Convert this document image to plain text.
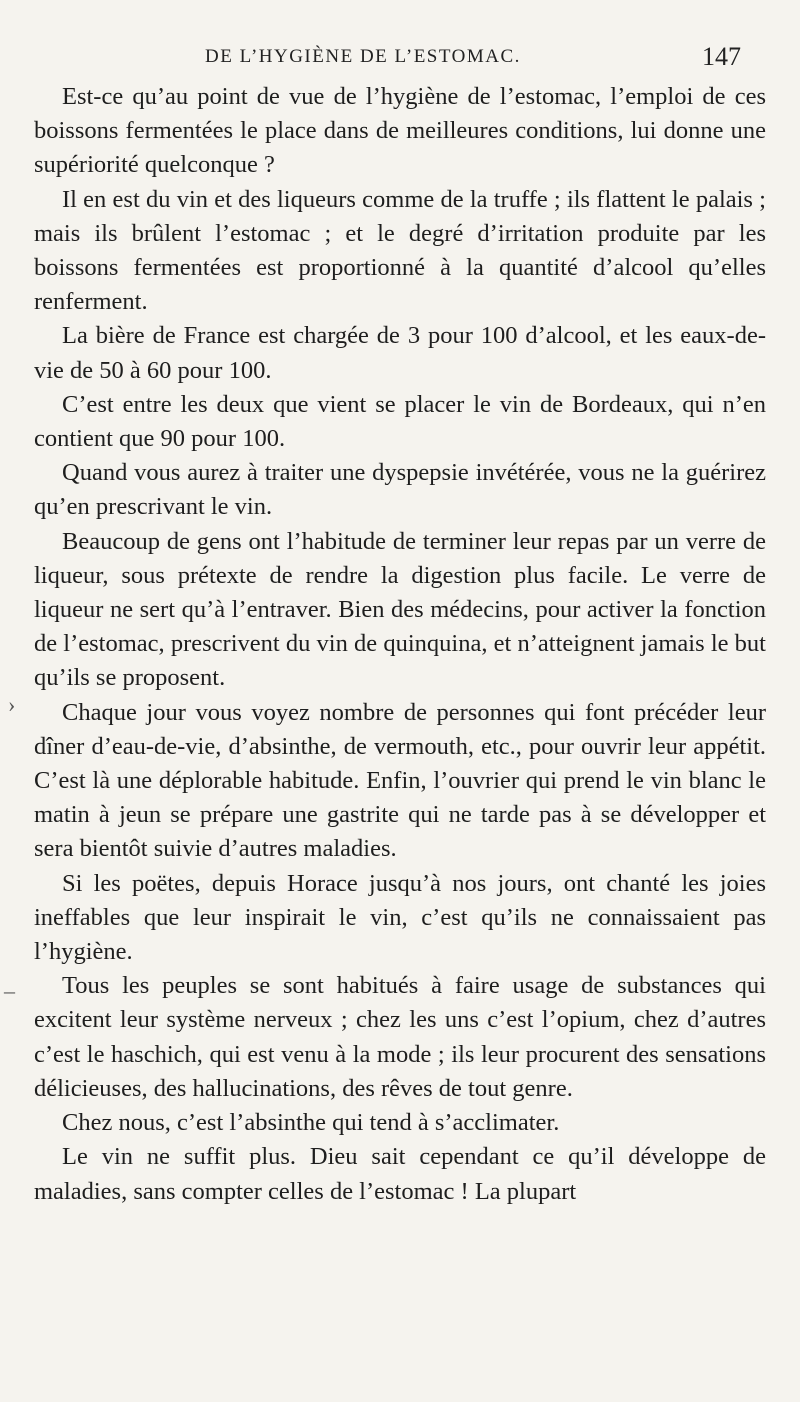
DE L’HYGIÈNE DE L’ESTOMAC.	147

Est-ce qu’au point de vue de l’hygiène de l’estomac, l’emploi de ces boissons fermentées le place dans de meilleures conditions, lui donne une supériorité quelconque ?

Il en est du vin et des liqueurs comme de la truffe ; ils flattent le palais ; mais ils brûlent l’estomac ; et le degré d’irritation produite par les boissons fermentées est proportionné à la quantité d’alcool qu’elles renferment.

La bière de France est chargée de 3 pour 100 d’alcool, et les eaux-de-vie de 50 à 60 pour 100.

C’est entre les deux que vient se placer le vin de Bordeaux, qui n’en contient que 90 pour 100.

Quand vous aurez à traiter une dyspepsie invétérée, vous ne la guérirez qu’en prescrivant le vin.

Beaucoup de gens ont l’habitude de terminer leur repas par un verre de liqueur, sous prétexte de rendre la digestion plus facile. Le verre de liqueur ne sert qu’à l’entraver. Bien des médecins, pour activer la fonction de l’estomac, prescrivent du vin de quinquina, et n’atteignent jamais le but qu’ils se proposent.

Chaque jour vous voyez nombre de personnes qui font précéder leur dîner d’eau-de-vie, d’absinthe, de vermouth, etc., pour ouvrir leur appétit. C’est là une déplorable habitude. Enfin, l’ouvrier qui prend le vin blanc le matin à jeun se prépare une gastrite qui ne tarde pas à se développer et sera bientôt suivie d’autres maladies.

Si les poëtes, depuis Horace jusqu’à nos jours, ont chanté les joies ineffables que leur inspirait le vin, c’est qu’ils ne connaissaient pas l’hygiène.

Tous les peuples se sont habitués à faire usage de substances qui excitent leur système nerveux ; chez les uns c’est l’opium, chez d’autres c’est le haschich, qui est venu à la mode ; ils leur procurent des sensations délicieuses, des hallucinations, des rêves de tout genre.

Chez nous, c’est l’absinthe qui tend à s’acclimater.

Le vin ne suffit plus. Dieu sait cependant ce qu’il développe de maladies, sans compter celles de l’estomac ! La plupart

›
–
